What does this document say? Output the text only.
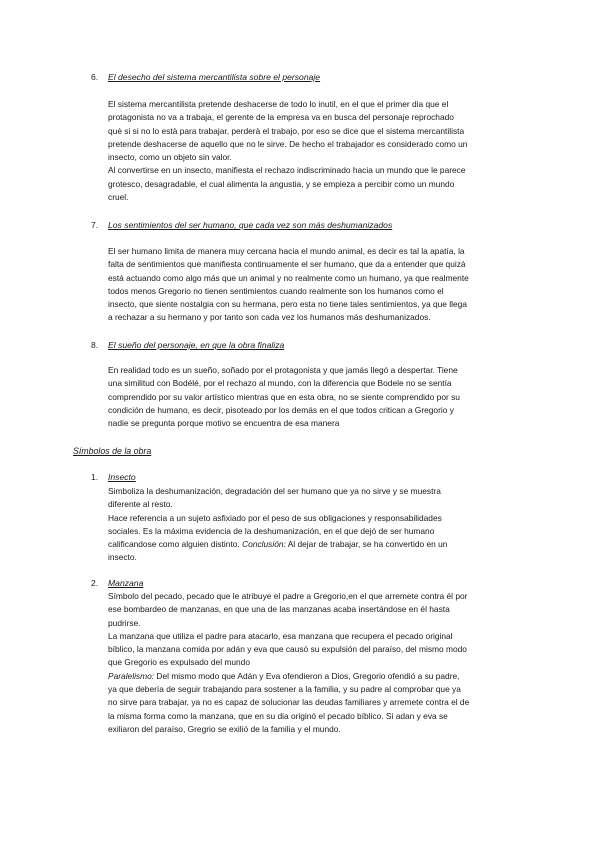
6. El desecho del sistema mercantilista sobre el personaje
El sistema mercantilista pretende deshacerse de todo lo inutil, en el que el primer dia que el
protagonista no va a trabaja, el gerente de la empresa va en busca del personaje reprochado
què si si no lo està para trabajar, perderà el trabajo, por eso se dice que el sistema mercantilista
pretende deshacerse de aquello que no le sirve. De hecho el trabajador es considerado como un
insecto, como un objeto sin valor.
Al convertirse en un insecto, manifiesta el rechazo indiscriminado hacia un mundo que le parece
grotesco, desagradable, el cual alimenta la angustia, y se empieza a percibir como un mundo
cruel.
7. Los sentimientos del ser humano, que cada vez son más deshumanizados
El ser humano limita de manera muy cercana hacia el mundo animal, es decir es tal la apatía, la
falta de sentimientos que manifiesta continuamente el ser humano, que da a entender que quizá
está actuando como algo más que un animal y no realmente como un humano, ya que realmente
todos menos Gregorio no tienen sentimientos cuando realmente son los humanos como el
insecto, que siente nostalgia con su hermana, pero esta no tiene tales sentimientos, ya que llega
a rechazar a su hermano y por tanto son cada vez los humanos más deshumanizados.
8. El sueño del personaje, en que la obra finaliza
En realidad todo es un sueño, soñado por el protagonista y que jamás llegó a despertar. Tiene
una similitud con Bodélé, por el rechazo al mundo, con la diferencia que Bodele no se sentía
comprendido por su valor artístico mientras que en esta obra, no se siente comprendido por su
condición de humano, es decir, pisoteado por los demás en el que todos critican a Gregorio y
nadie se pregunta porque motivo se encuentra de esa manera
Símbolos de la obra
1. Insecto
Simboliza la deshumanización, degradación del ser humano que ya no sirve y se muestra
diferente al resto.
Hace referencia a un sujeto asfixiado por el peso de sus obligaciones y responsabilidades
sociales. Es la máxima evidencia de la deshumanización, en el que dejó de ser humano
calificandose como alguien distinto. Conclusión: Al dejar de trabajar, se ha convertido en un
insecto.
2. Manzana
Símbolo del pecado, pecado que le atribuye el padre a Gregorio,en el que arremete contra él por
ese bombardeo de manzanas, en que una de las manzanas acaba insertándose en él hasta
pudrirse.
La manzana que utiliza el padre para atacarlo, esa manzana que recupera el pecado original
bíblico, la manzana comida por adán y eva que causó su expulsión del paraíso, del mismo modo
que Gregorio es expulsado del mundo
Paralelismo: Del mismo modo que Adán y Eva ofendieron a Dios, Gregorio ofendió a su padre,
ya que debería de seguir trabajando para sostener a la familia, y su padre al comprobar que ya
no sirve para trabajar, ya no es capaz de solucionar las deudas familiares y arremete contra el de
la misma forma como la manzana, que en su dia originó el pecado bíblico. Si adan y eva se
exiliaron del paraíso, Gregrio se exilió de la familia y el mundo.
